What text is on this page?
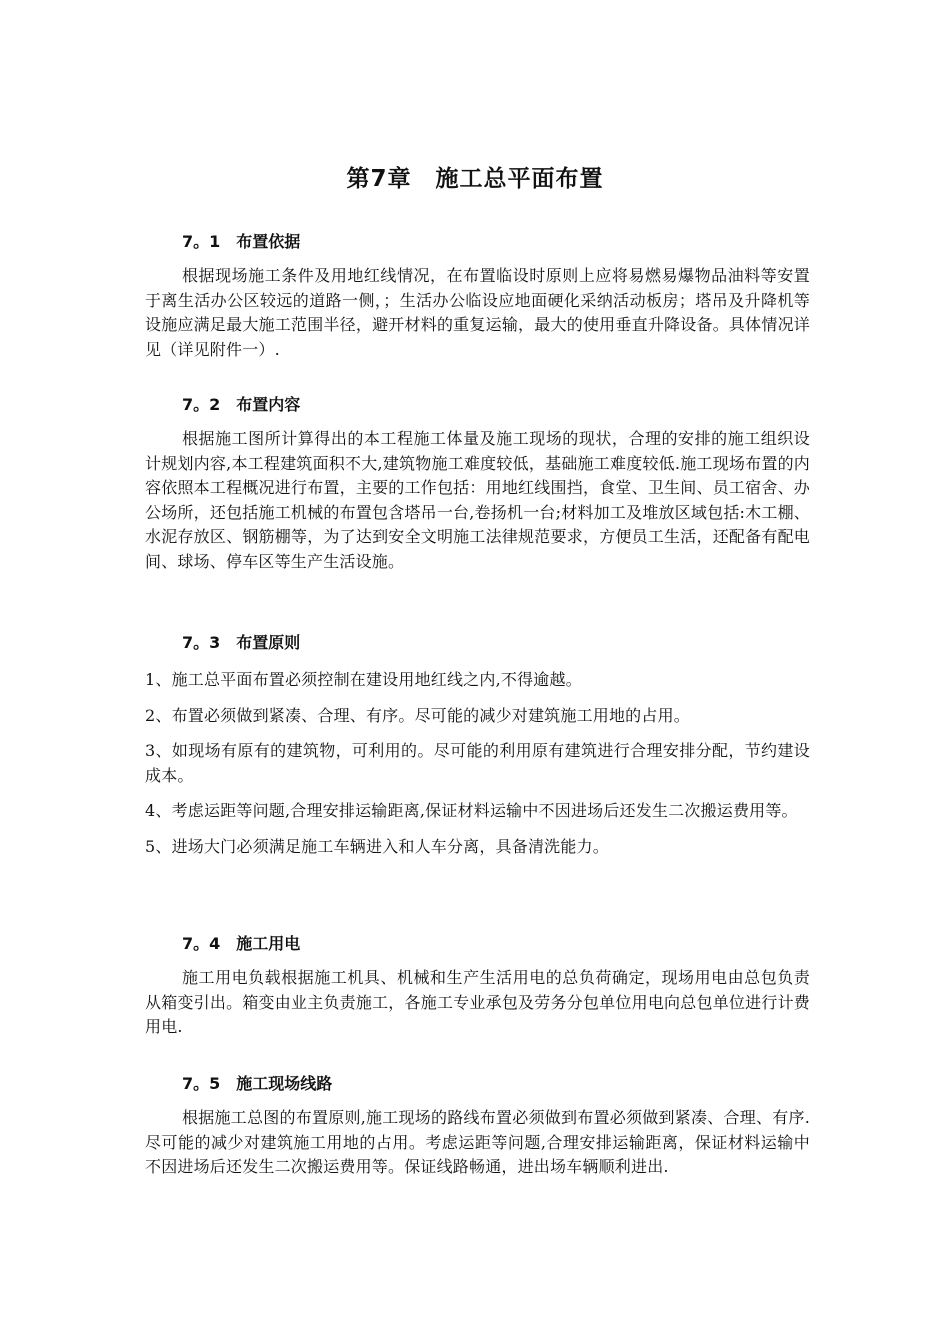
第7章　施工总平面布置
7。1　布置依据

根据现场施工条件及用地红线情况，在布置临设时原则上应将易燃易爆物品油料等安置于离生活办公区较远的道路一侧，；生活办公临设应地面硬化采纳活动板房；塔吊及升降机等设施应满足最大施工范围半径，避开材料的重复运输，最大的使用垂直升降设备。具体情况详见（详见附件一）.

7。2　布置内容

根据施工图所计算得出的本工程施工体量及施工现场的现状，合理的安排的施工组织设计规划内容,本工程建筑面积不大,建筑物施工难度较低，基础施工难度较低.施工现场布置的内容依照本工程概况进行布置，主要的工作包括：用地红线围挡，食堂、卫生间、员工宿舍、办公场所，还包括施工机械的布置包含塔吊一台,卷扬机一台;材料加工及堆放区域包括:木工棚、水泥存放区、钢筋棚等，为了达到安全文明施工法律规范要求，方便员工生活，还配备有配电间、球场、停车区等生产生活设施。

7。3　布置原则

1、施工总平面布置必须控制在建设用地红线之内,不得逾越。

2、布置必须做到紧凑、合理、有序。尽可能的减少对建筑施工用地的占用。

3、如现场有原有的建筑物，可利用的。尽可能的利用原有建筑进行合理安排分配，节约建设成本。

4、考虑运距等问题,合理安排运输距离,保证材料运输中不因进场后还发生二次搬运费用等。

5、进场大门必须满足施工车辆进入和人车分离，具备清洗能力。

7。4　施工用电

施工用电负载根据施工机具、机械和生产生活用电的总负荷确定，现场用电由总包负责从箱变引出。箱变由业主负责施工，各施工专业承包及劳务分包单位用电向总包单位进行计费用电.

7。5　施工现场线路

根据施工总图的布置原则,施工现场的路线布置必须做到布置必须做到紧凑、合理、有序.尽可能的减少对建筑施工用地的占用。考虑运距等问题,合理安排运输距离，保证材料运输中不因进场后还发生二次搬运费用等。保证线路畅通，进出场车辆顺利进出.
